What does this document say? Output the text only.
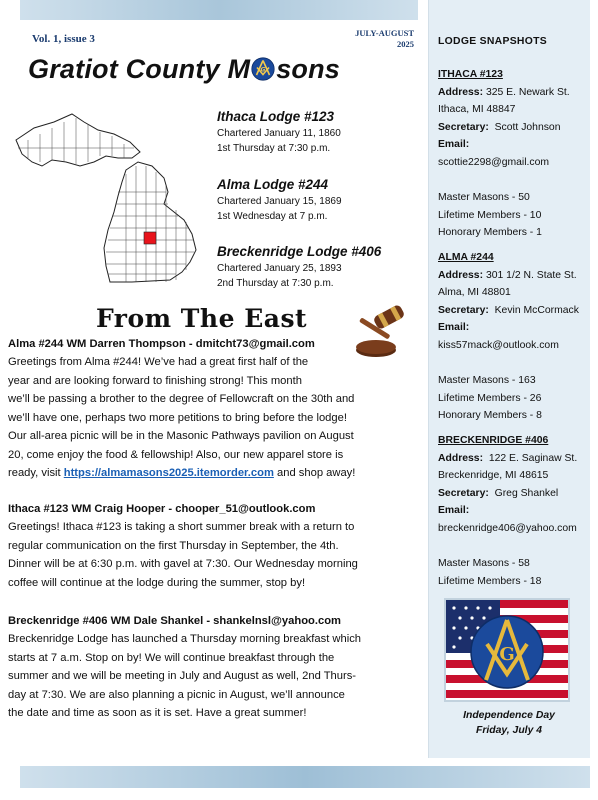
Vol. 1, issue 3	JULY-AUGUST
2025
Gratiot County M G sons
Ithaca Lodge #123
Chartered January 11, 1860
1st Thursday at 7:30 p.m.
Alma Lodge #244
Chartered January 15, 1869
1st Wednesday at 7 p.m.
Breckenridge Lodge #406
Chartered January 25, 1893
2nd Thursday at 7:30 p.m.
From The East
Alma #244 WM Darren Thompson - dmitcht73@gmail.com
Greetings from Alma #244! We’ve had a great first half of the
year and are looking forward to finishing strong! This month
we’ll be passing a brother to the degree of Fellowcraft on the 30th and
we’ll have one, perhaps two more petitions to bring before the lodge!
Our all-area picnic will be in the Masonic Pathways pavilion on August
20, come enjoy the food & fellowship! Also, our new apparel store is
ready, visit https://almamasons2025.itemorder.com and shop away!
Ithaca #123 WM Craig Hooper - chooper_51@outlook.com
Greetings! Ithaca #123 is taking a short summer break with a return to
regular communication on the first Thursday in September, the 4th.
Dinner will be at 6:30 p.m. with gavel at 7:30. Our Wednesday morning
coffee will continue at the lodge during the summer, stop by!
Breckenridge #406 WM Dale Shankel - shankelnsl@yahoo.com
Breckenridge Lodge has launched a Thursday morning breakfast which
starts at 7 a.m. Stop on by! We will continue breakfast through the
summer and we will be meeting in July and August as well, 2nd Thurs-
day at 7:30. We are also planning a picnic in August, we’ll announce
the date and time as soon as it is set. Have a great summer!
LODGE SNAPSHOTS
ITHACA #123
Address: 325 E. Newark St.
Ithaca, MI 48847
Secretary: Scott Johnson
Email:
scottie2298@gmail.com
Master Masons - 50
Lifetime Members - 10
Honorary Members - 1
ALMA #244
Address: 301 1/2 N. State St.
Alma, MI 48801
Secretary: Kevin McCormack
Email:
kiss57mack@outlook.com
Master Masons - 163
Lifetime Members - 26
Honorary Members - 8
BRECKENRIDGE #406
Address: 122 E. Saginaw St.
Breckenridge, MI 48615
Secretary: Greg Shankel
Email:
breckenridge406@yahoo.com
Master Masons - 58
Lifetime Members - 18
G
Independence Day
Friday, July 4
